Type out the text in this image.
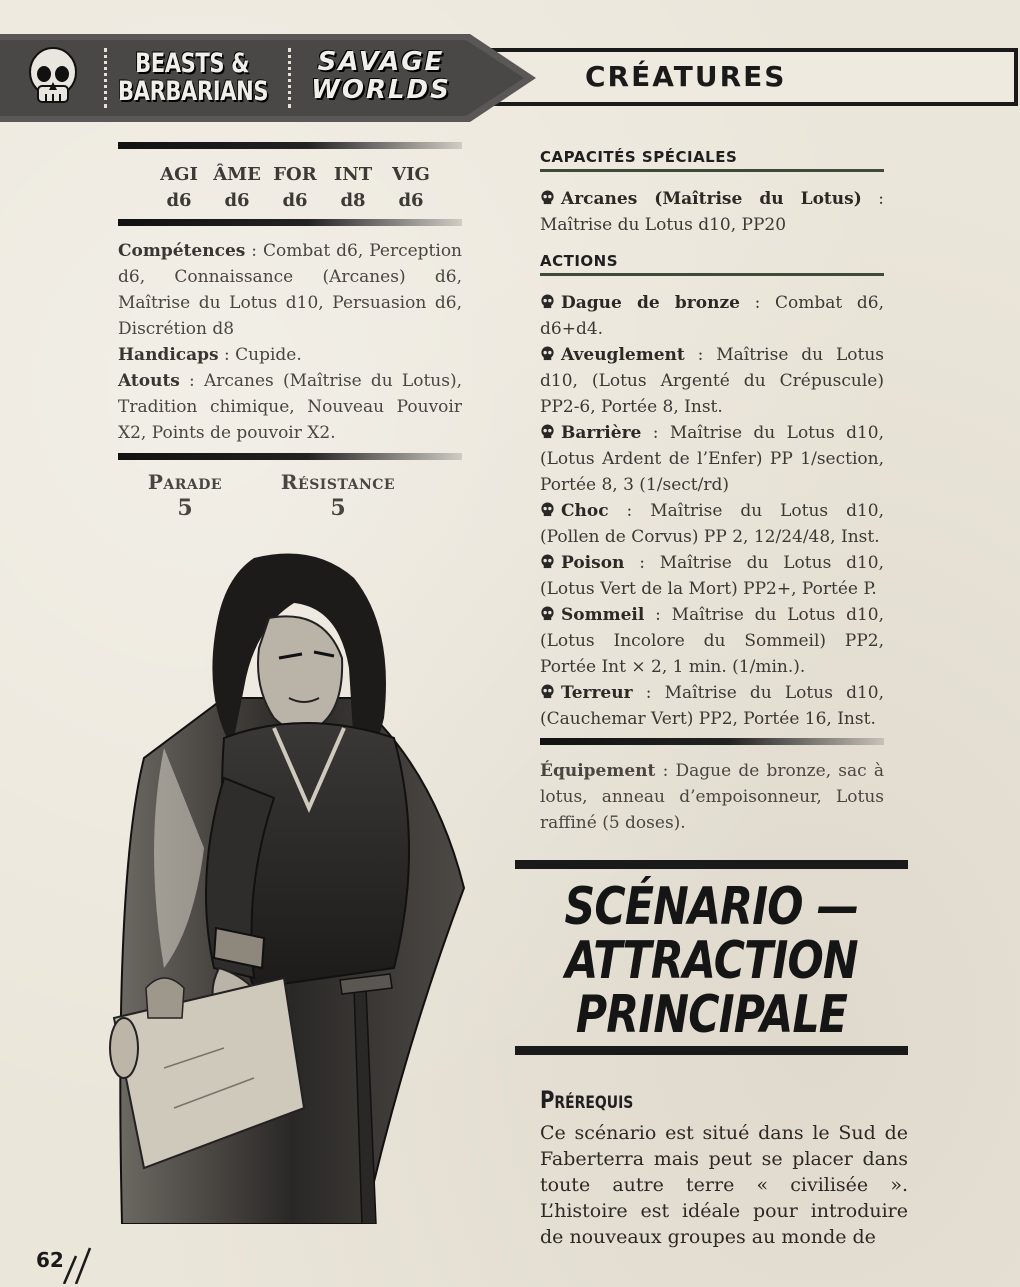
CRÉATURES
BEASTS &
BARBARIANS
SAVAGE
WORLDS
AGI ÂME FOR INT	VIG
d6	d6	d6	d8	d6

Compétences : Combat d6, Perception d6, Connaissance (Arcanes) d6, Maîtrise du Lotus d10, Persuasion d6, Discrétion d8

Handicaps : Cupide.

Atouts : Arcanes (Maîtrise du Lotus), Tradition chimique, Nouveau Pouvoir X2, Points de pouvoir X2.

Parade
5
Résistance
5
CAPACITÉS SPÉCIALES
Arcanes (Maîtrise du Lotus) : Maîtrise du Lotus d10, PP20
ACTIONS
Dague de bronze : Combat d6, d6+d4.
Aveuglement : Maîtrise du Lotus d10, (Lotus Argenté du Crépuscule) PP2-6, Portée 8, Inst.
Barrière : Maîtrise du Lotus d10, (Lotus Ardent de l’Enfer) PP 1/section, Portée 8, 3 (1/sect/rd)
Choc : Maîtrise du Lotus d10, (Pollen de Corvus) PP 2, 12/24/48, Inst.
Poison : Maîtrise du Lotus d10, (Lotus Vert de la Mort) PP2+, Portée P.
Sommeil : Maîtrise du Lotus d10, (Lotus Incolore du Sommeil) PP2, Portée Int × 2, 1 min. (1/min.).
Terreur : Maîtrise du Lotus d10, (Cauchemar Vert) PP2, Portée 16, Inst.
Équipement : Dague de bronze, sac à lotus, anneau d’empoisonneur, Lotus raffiné (5 doses).
SCÉNARIO —
ATTRACTION
PRINCIPALE
Prérequis
Ce scénario est situé dans le Sud de Faberterra mais peut se placer dans toute autre terre « civilisée ». L’histoire est idéale pour introduire de nouveaux groupes au monde de
62
